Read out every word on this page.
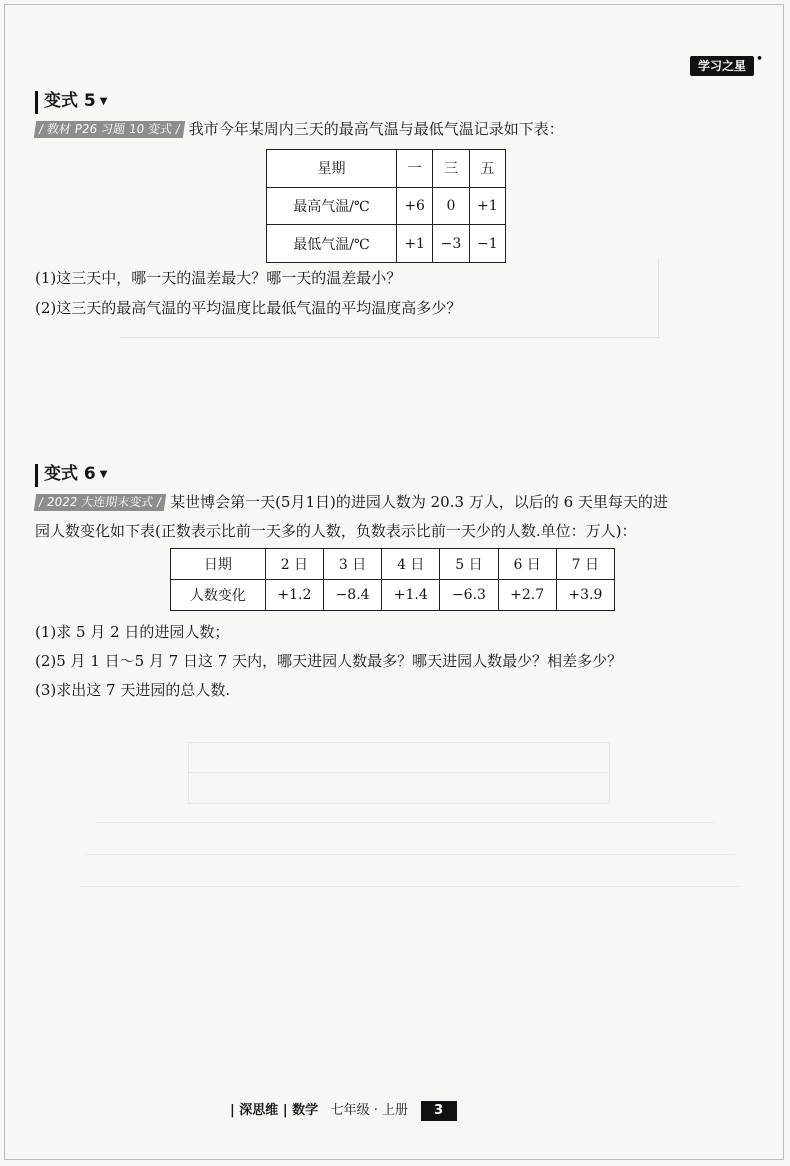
学习之星 •
变式 5 ▼
/ 教材 P26 习题 10 变式 / 我市今年某周内三天的最高气温与最低气温记录如下表：
星期	一	三	五
最高气温/℃	+6	0	+1
最低气温/℃	+1	−3	−1
(1)这三天中，哪一天的温差最大？哪一天的温差最小？
(2)这三天的最高气温的平均温度比最低气温的平均温度高多少？
变式 6 ▼
/ 2022 大连期末变式 / 某世博会第一天(5月1日)的进园人数为 20.3 万人，以后的 6 天里每天的进
园人数变化如下表(正数表示比前一天多的人数，负数表示比前一天少的人数.单位：万人)：
日期	2 日	3 日	4 日	5 日	6 日	7 日
人数变化	+1.2	−8.4	+1.4	−6.3	+2.7	+3.9
(1)求 5 月 2 日的进园人数；
(2)5 月 1 日～5 月 7 日这 7 天内，哪天进园人数最多？哪天进园人数最少？相差多少？
(3)求出这 7 天进园的总人数.
| 深思维 | 数学 七年级 · 上册 3
